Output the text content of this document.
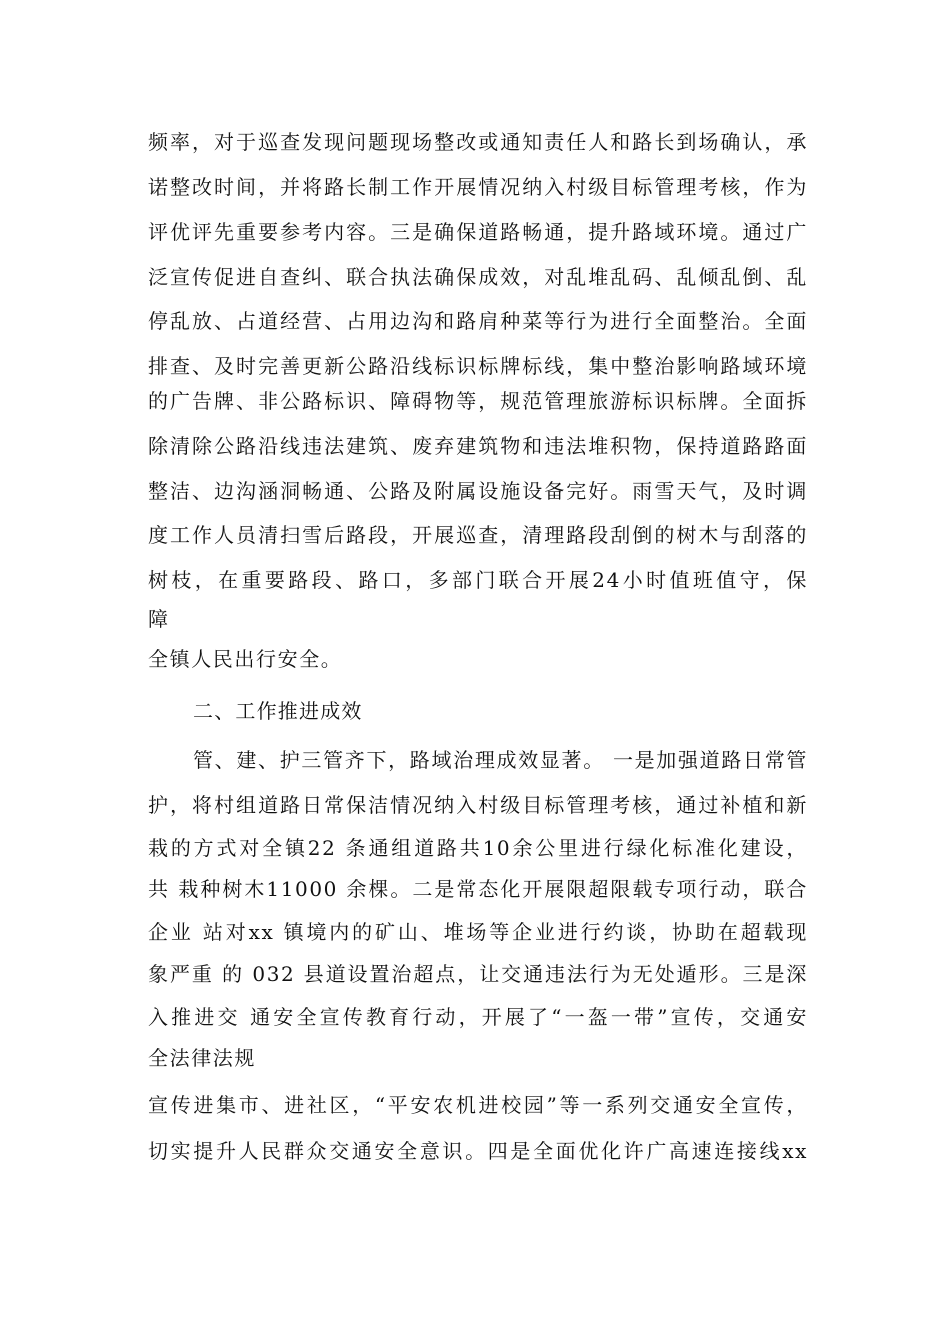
频率，对于巡查发现问题现场整改或通知责任人和路长到场确认，承
诺整改时间，并将路长制工作开展情况纳入村级目标管理考核，作为
评优评先重要参考内容。三是确保道路畅通，提升路域环境。通过广
泛宣传促进自查纠、联合执法确保成效，对乱堆乱码、乱倾乱倒、乱
停乱放、占道经营、占用边沟和路肩种菜等行为进行全面整治。全面
排查、及时完善更新公路沿线标识标牌标线，集中整治影响路域环境
的广告牌、非公路标识、障碍物等，规范管理旅游标识标牌。全面拆
除清除公路沿线违法建筑、废弃建筑物和违法堆积物，保持道路路面
整洁、边沟涵洞畅通、公路及附属设施设备完好。雨雪天气，及时调
度工作人员清扫雪后路段，开展巡查，清理路段刮倒的树木与刮落的
树枝，在重要路段、路口，多部门联合开展24小时值班值守，保
障
全镇人民出行安全。
二、工作推进成效
管、建、护三管齐下，路域治理成效显著。 一是加强道路日常管
护，将村组道路日常保洁情况纳入村级目标管理考核，通过补植和新
栽的方式对全镇22 条通组道路共10余公里进行绿化标准化建设，
共 栽种树木11000 余棵。二是常态化开展限超限载专项行动，联合
企业 站对xx 镇境内的矿山、堆场等企业进行约谈，协助在超载现
象严重 的 032 县道设置治超点，让交通违法行为无处遁形。三是深
入推进交 通安全宣传教育行动，开展了“一盔一带”宣传，交通安
全法律法规
宣传进集市、进社区，“平安农机进校园”等一系列交通安全宣传，
切实提升人民群众交通安全意识。四是全面优化许广高速连接线xx
